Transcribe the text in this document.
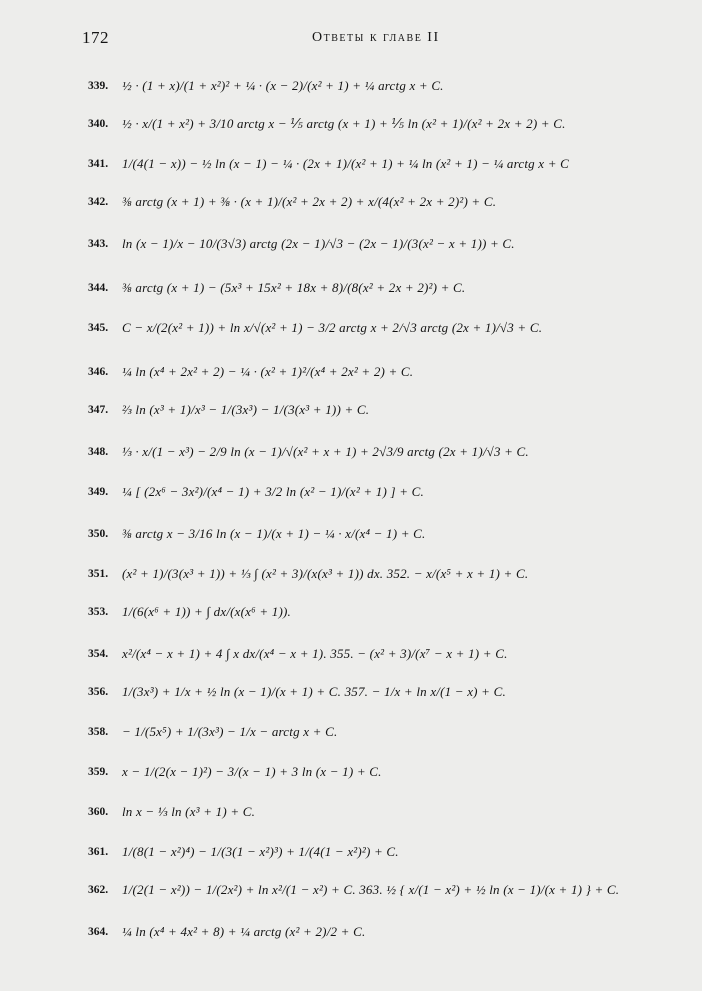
172	Ответы к главе II
339.	½ · (1 + x)/(1 + x²)² + ¼ · (x − 2)/(x² + 1) + ¼ arctg x + C.
340.	½ · x/(1 + x²) + 3/10 arctg x − ⅕ arctg (x + 1) + ⅕ ln (x² + 1)/(x² + 2x + 2) + C.
341.	1/(4(1 − x)) − ½ ln (x − 1) − ¼ · (2x + 1)/(x² + 1) + ¼ ln (x² + 1) − ¼ arctg x + C
342.	⅜ arctg (x + 1) + ⅜ · (x + 1)/(x² + 2x + 2) + x/(4(x² + 2x + 2)²) + C.
343.	ln (x − 1)/x − 10/(3√3) arctg (2x − 1)/√3 − (2x − 1)/(3(x² − x + 1)) + C.
344.	⅜ arctg (x + 1) − (5x³ + 15x² + 18x + 8)/(8(x² + 2x + 2)²) + C.
345.	C − x/(2(x² + 1)) + ln x/√(x² + 1) − 3/2 arctg x + 2/√3 arctg (2x + 1)/√3 + C.
346.	¼ ln (x⁴ + 2x² + 2) − ¼ · (x² + 1)²/(x⁴ + 2x² + 2) + C.
347.	⅔ ln (x³ + 1)/x³ − 1/(3x³) − 1/(3(x³ + 1)) + C.
348.	⅓ · x/(1 − x³) − 2/9 ln (x − 1)/√(x² + x + 1) + 2√3/9 arctg (2x + 1)/√3 + C.
349.	¼ [ (2x⁶ − 3x²)/(x⁴ − 1) + 3/2 ln (x² − 1)/(x² + 1) ] + C.
350.	⅜ arctg x − 3/16 ln (x − 1)/(x + 1) − ¼ · x/(x⁴ − 1) + C.
351.	(x² + 1)/(3(x³ + 1)) + ⅓ ∫ (x² + 3)/(x(x³ + 1)) dx. 352. − x/(x⁵ + x + 1) + C.
353.	1/(6(x⁶ + 1)) + ∫ dx/(x(x⁶ + 1)).
354.	x²/(x⁴ − x + 1) + 4 ∫ x dx/(x⁴ − x + 1). 355. − (x² + 3)/(x⁷ − x + 1) + C.
356.	1/(3x³) + 1/x + ½ ln (x − 1)/(x + 1) + C. 357. − 1/x + ln x/(1 − x) + C.
358.	− 1/(5x⁵) + 1/(3x³) − 1/x − arctg x + C.
359.	x − 1/(2(x − 1)²) − 3/(x − 1) + 3 ln (x − 1) + C.
360.	ln x − ⅓ ln (x³ + 1) + C.
361.	1/(8(1 − x²)⁴) − 1/(3(1 − x²)³) + 1/(4(1 − x²)²) + C.
362.	1/(2(1 − x²)) − 1/(2x²) + ln x²/(1 − x²) + C. 363. ½ { x/(1 − x²) + ½ ln (x − 1)/(x + 1) } + C.
364.	¼ ln (x⁴ + 4x² + 8) + ¼ arctg (x² + 2)/2 + C.
